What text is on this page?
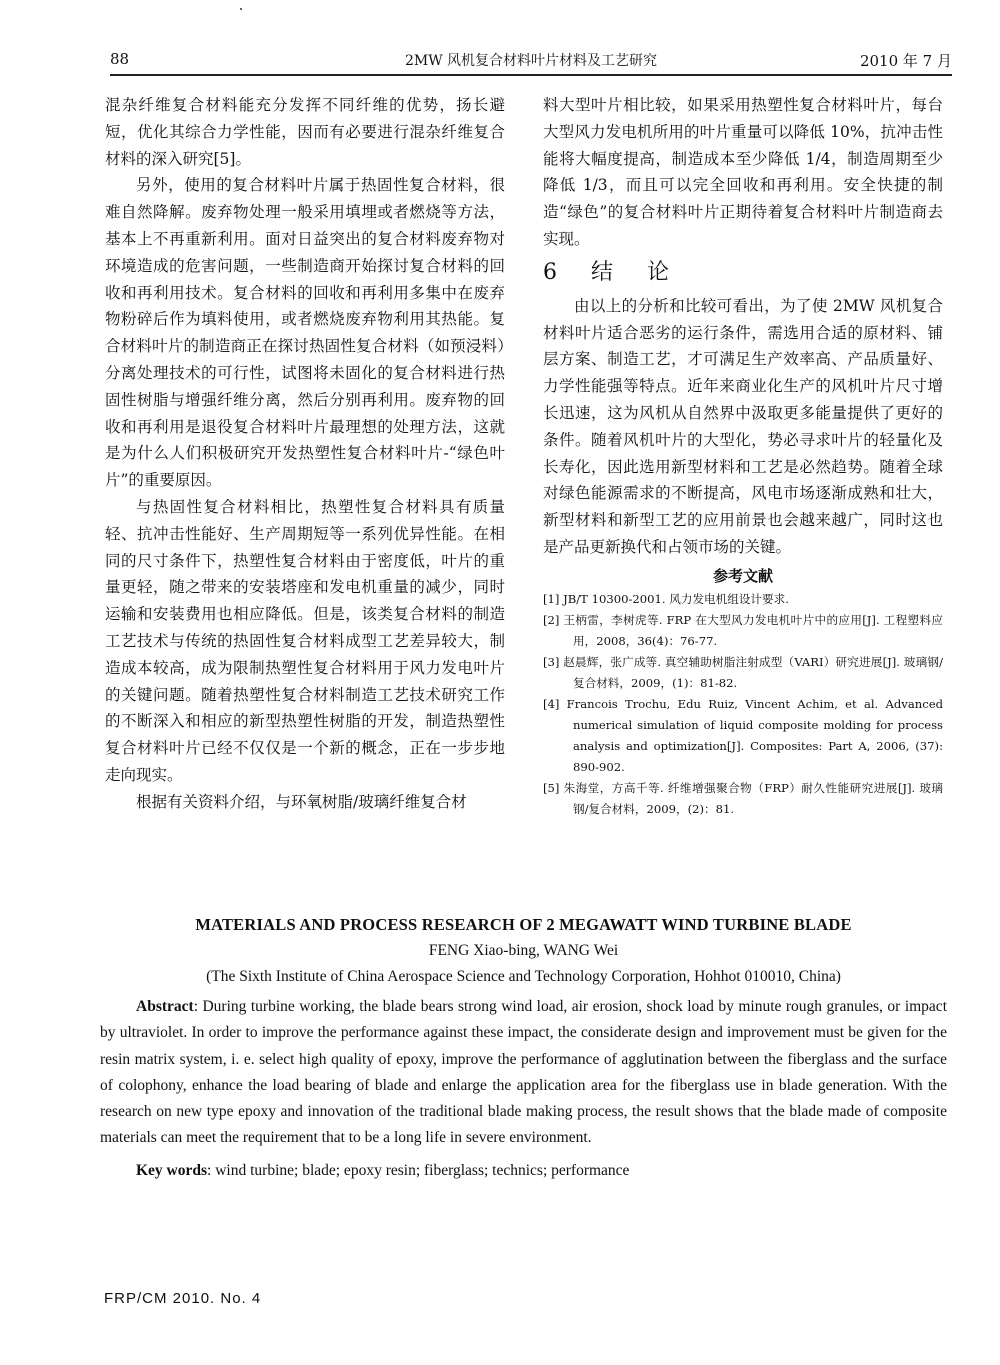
88	2MW 风机复合材料叶片材料及工艺研究	2010 年 7 月

混杂纤维复合材料能充分发挥不同纤维的优势，扬长避短，优化其综合力学性能，因而有必要进行混杂纤维复合材料的深入研究[5]。

另外，使用的复合材料叶片属于热固性复合材料，很难自然降解。废弃物处理一般采用填埋或者燃烧等方法，基本上不再重新利用。面对日益突出的复合材料废弃物对环境造成的危害问题，一些制造商开始探讨复合材料的回收和再利用技术。复合材料的回收和再利用多集中在废弃物粉碎后作为填料使用，或者燃烧废弃物利用其热能。复合材料叶片的制造商正在探讨热固性复合材料（如预浸料）分离处理技术的可行性，试图将未固化的复合材料进行热固性树脂与增强纤维分离，然后分别再利用。废弃物的回收和再利用是退役复合材料叶片最理想的处理方法，这就是为什么人们积极研究开发热塑性复合材料叶片-“绿色叶片”的重要原因。

与热固性复合材料相比，热塑性复合材料具有质量轻、抗冲击性能好、生产周期短等一系列优异性能。在相同的尺寸条件下，热塑性复合材料由于密度低，叶片的重量更轻，随之带来的安装塔座和发电机重量的减少，同时运输和安装费用也相应降低。但是，该类复合材料的制造工艺技术与传统的热固性复合材料成型工艺差异较大，制造成本较高，成为限制热塑性复合材料用于风力发电叶片的关键问题。随着热塑性复合材料制造工艺技术研究工作的不断深入和相应的新型热塑性树脂的开发，制造热塑性复合材料叶片已经不仅仅是一个新的概念，正在一步步地走向现实。

根据有关资料介绍，与环氧树脂/玻璃纤维复合材

料大型叶片相比较，如果采用热塑性复合材料叶片，每台大型风力发电机所用的叶片重量可以降低 10%，抗冲击性能将大幅度提高，制造成本至少降低 1/4，制造周期至少降低 1/3，而且可以完全回收和再利用。安全快捷的制造“绿色”的复合材料叶片正期待着复合材料叶片制造商去实现。

6　结　论

由以上的分析和比较可看出，为了使 2MW 风机复合材料叶片适合恶劣的运行条件，需选用合适的原材料、铺层方案、制造工艺，才可满足生产效率高、产品质量好、力学性能强等特点。近年来商业化生产的风机叶片尺寸增长迅速，这为风机从自然界中汲取更多能量提供了更好的条件。随着风机叶片的大型化，势必寻求叶片的轻量化及长寿化，因此选用新型材料和工艺是必然趋势。随着全球对绿色能源需求的不断提高，风电市场逐渐成熟和壮大，新型材料和新型工艺的应用前景也会越来越广，同时这也是产品更新换代和占领市场的关键。

参考文献
[1] JB/T 10300-2001. 风力发电机组设计要求.
[2] 王柄雷，李树虎等. FRP 在大型风力发电机叶片中的应用[J]. 工程塑料应用，2008，36(4)：76-77.
[3] 赵晨辉，张广成等. 真空辅助树脂注射成型（VARI）研究进展[J]. 玻璃钢/复合材料，2009，(1)：81-82.
[4] Francois Trochu, Edu Ruiz, Vincent Achim, et al. Advanced numerical simulation of liquid composite molding for process analysis and optimization[J]. Composites: Part A, 2006, (37): 890-902.
[5] 朱海堂，方高千等. 纤维增强聚合物（FRP）耐久性能研究进展[J]. 玻璃钢/复合材料，2009，(2)：81.
MATERIALS AND PROCESS RESEARCH OF 2 MEGAWATT WIND TURBINE BLADE
FENG Xiao-bing, WANG Wei
(The Sixth Institute of China Aerospace Science and Technology Corporation, Hohhot 010010, China)

Abstract: During turbine working, the blade bears strong wind load, air erosion, shock load by minute rough granules, or impact by ultraviolet. In order to improve the performance against these impact, the considerate design and improvement must be given for the resin matrix system, i. e. select high quality of epoxy, improve the performance of agglutination between the fiberglass and the surface of colophony, enhance the load bearing of blade and enlarge the application area for the fiberglass use in blade generation. With the research on new type epoxy and innovation of the traditional blade making process, the result shows that the blade made of composite materials can meet the requirement that to be a long life in severe environment.

Key words: wind turbine; blade; epoxy resin; fiberglass; technics; performance

FRP/CM 2010. No. 4
